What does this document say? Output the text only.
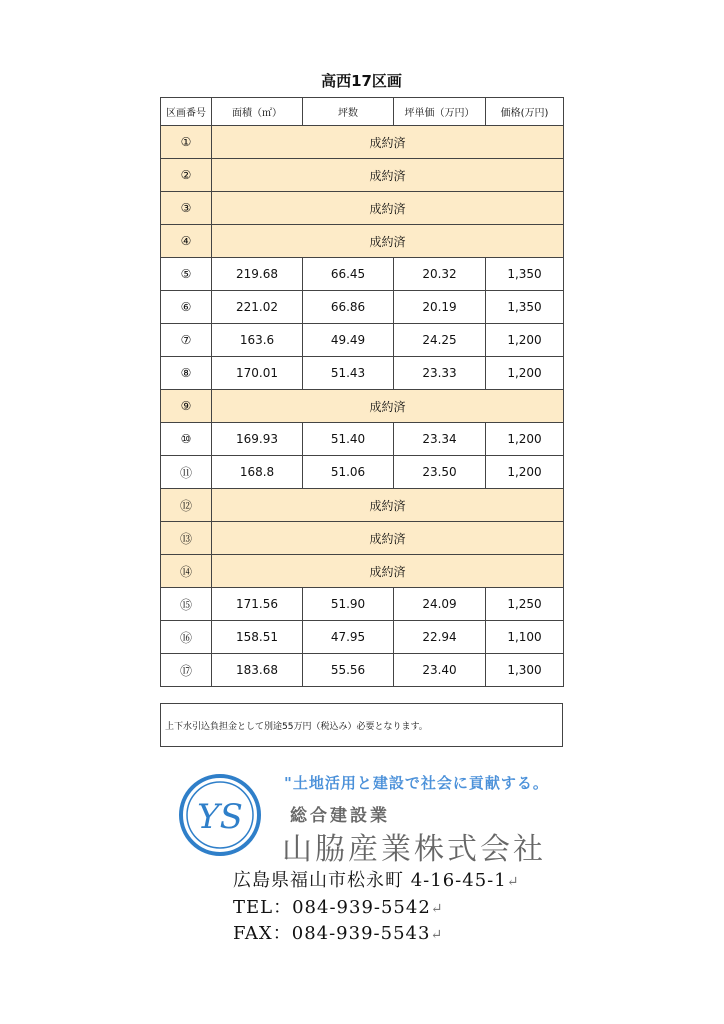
高西17区画
区画番号	面積（㎡）	坪数	坪単価（万円）	価格(万円)
①	成約済			
②	成約済			
③	成約済			
④	成約済			
⑤	219.68	66.45	20.32	1,350
⑥	221.02	66.86	20.19	1,350
⑦	163.6	49.49	24.25	1,200
⑧	170.01	51.43	23.33	1,200
⑨	成約済			
⑩	169.93	51.40	23.34	1,200
⑪	168.8	51.06	23.50	1,200
⑫	成約済			
⑬	成約済			
⑭	成約済			
⑮	171.56	51.90	24.09	1,250
⑯	158.51	47.95	22.94	1,100
⑰	183.68	55.56	23.40	1,300
上下水引込負担金として別途55万円（税込み）必要となります。
YS
"土地活用と建設で社会に貢献する。
総合建設業
山脇産業株式会社
広島県福山市松永町 4-16-45-1↵
TEL：084-939-5542↵
FAX：084-939-5543↵
